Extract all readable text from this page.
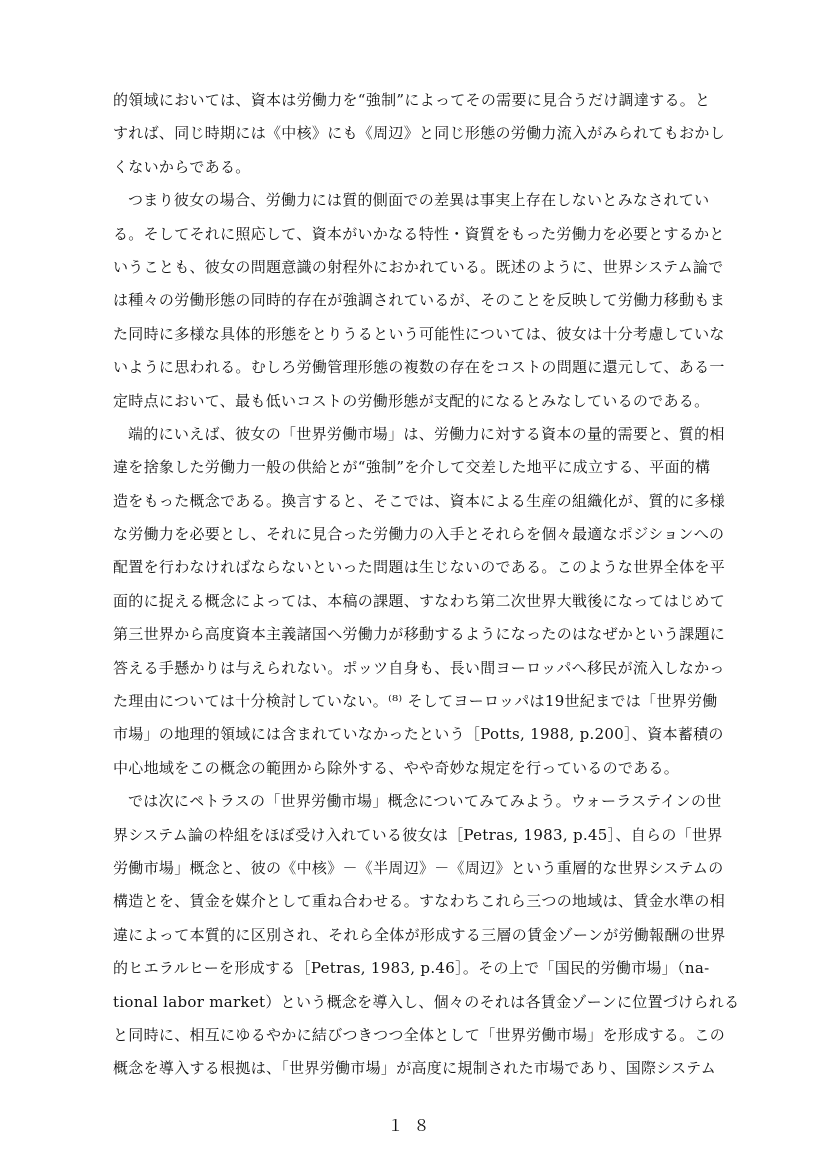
的領域においては、資本は労働力を“強制”によってその需要に見合うだけ調達する。と
すれば、同じ時期には《中核》にも《周辺》と同じ形態の労働力流入がみられてもおかし
くないからである。
つまり彼女の場合、労働力には質的側面での差異は事実上存在しないとみなされてい
る。そしてそれに照応して、資本がいかなる特性・資質をもった労働力を必要とするかと
いうことも、彼女の問題意識の射程外におかれている。既述のように、世界システム論で
は種々の労働形態の同時的存在が強調されているが、そのことを反映して労働力移動もま
た同時に多様な具体的形態をとりうるという可能性については、彼女は十分考慮していな
いように思われる。むしろ労働管理形態の複数の存在をコストの問題に還元して、ある一
定時点において、最も低いコストの労働形態が支配的になるとみなしているのである。
端的にいえば、彼女の「世界労働市場」は、労働力に対する資本の量的需要と、質的相
違を捨象した労働力一般の供給とが“強制”を介して交差した地平に成立する、平面的構
造をもった概念である。換言すると、そこでは、資本による生産の組織化が、質的に多様
な労働力を必要とし、それに見合った労働力の入手とそれらを個々最適なポジションへの
配置を行わなければならないといった問題は生じないのである。このような世界全体を平
面的に捉える概念によっては、本稿の課題、すなわち第二次世界大戦後になってはじめて
第三世界から高度資本主義諸国へ労働力が移動するようになったのはなぜかという課題に
答える手懸かりは与えられない。ポッツ自身も、長い間ヨーロッパへ移民が流入しなかっ
た理由については十分検討していない。⁽⁸⁾ そしてヨーロッパは19世紀までは「世界労働
市場」の地理的領域には含まれていなかったという［Potts, 1988, p.200］、資本蓄積の
中心地域をこの概念の範囲から除外する、やや奇妙な規定を行っているのである。
では次にペトラスの「世界労働市場」概念についてみてみよう。ウォーラステインの世
界システム論の枠組をほぼ受け入れている彼女は［Petras, 1983, p.45］、自らの「世界
労働市場」概念と、彼の《中核》－《半周辺》－《周辺》という重層的な世界システムの
構造とを、賃金を媒介として重ね合わせる。すなわちこれら三つの地域は、賃金水準の相
違によって本質的に区別され、それら全体が形成する三層の賃金ゾーンが労働報酬の世界
的ヒエラルヒーを形成する［Petras, 1983, p.46］。その上で「国民的労働市場」（na-
tional labor market）という概念を導入し、個々のそれは各賃金ゾーンに位置づけられる
と同時に、相互にゆるやかに結びつきつつ全体として「世界労働市場」を形成する。この
概念を導入する根拠は、「世界労働市場」が高度に規制された市場であり、国際システム
１８
